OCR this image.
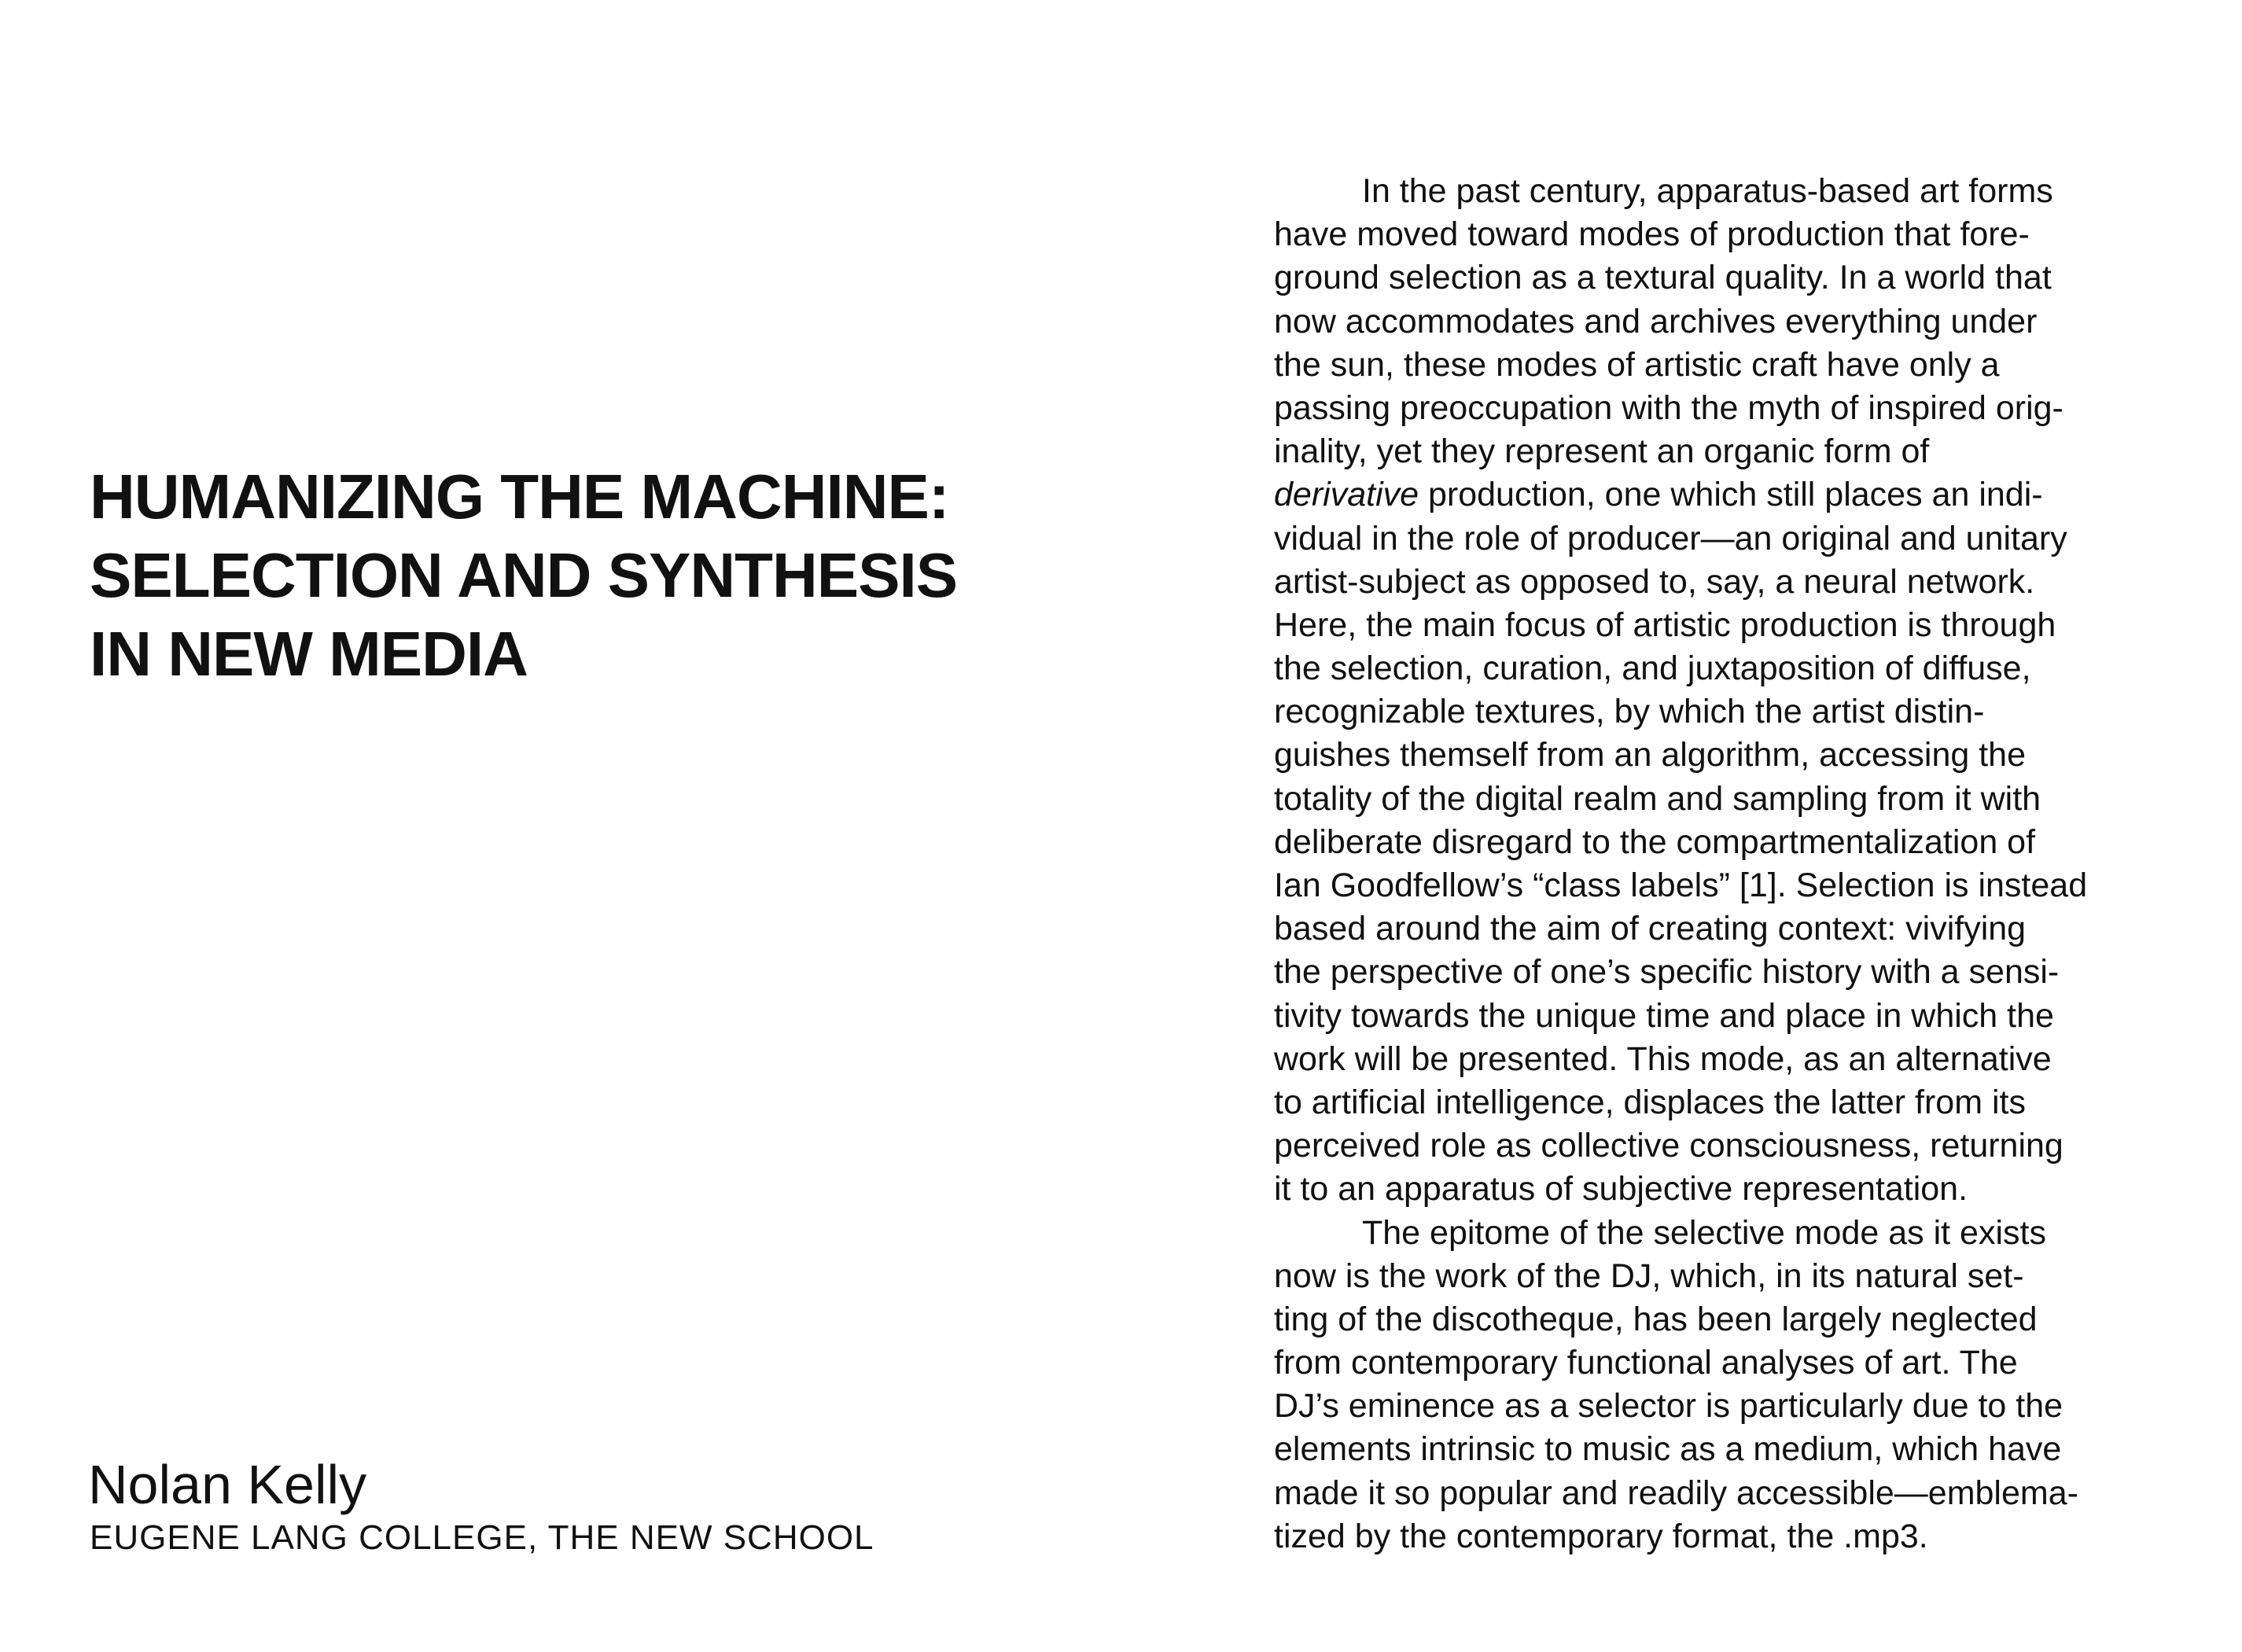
HUMANIZING THE MACHINE:
SELECTION AND SYNTHESIS
IN NEW MEDIA
Nolan Kelly
EUGENE LANG COLLEGE, THE NEW SCHOOL
In the past century, apparatus-based art forms
have moved toward modes of production that fore-
ground selection as a textural quality. In a world that
now accommodates and archives everything under
the sun, these modes of artistic craft have only a
passing preoccupation with the myth of inspired orig-
inality, yet they represent an organic form of
derivative production, one which still places an indi-
vidual in the role of producer—an original and unitary
artist-subject as opposed to, say, a neural network.
Here, the main focus of artistic production is through
the selection, curation, and juxtaposition of diffuse,
recognizable textures, by which the artist distin-
guishes themself from an algorithm, accessing the
totality of the digital realm and sampling from it with
deliberate disregard to the compartmentalization of
Ian Goodfellow’s “class labels” [1]. Selection is instead
based around the aim of creating context: vivifying
the perspective of one’s specific history with a sensi-
tivity towards the unique time and place in which the
work will be presented. This mode, as an alternative
to artificial intelligence, displaces the latter from its
perceived role as collective consciousness, returning
it to an apparatus of subjective representation.
The epitome of the selective mode as it exists
now is the work of the DJ, which, in its natural set-
ting of the discotheque, has been largely neglected
from contemporary functional analyses of art. The
DJ’s eminence as a selector is particularly due to the
elements intrinsic to music as a medium, which have
made it so popular and readily accessible—emblema-
tized by the contemporary format, the .mp3.
